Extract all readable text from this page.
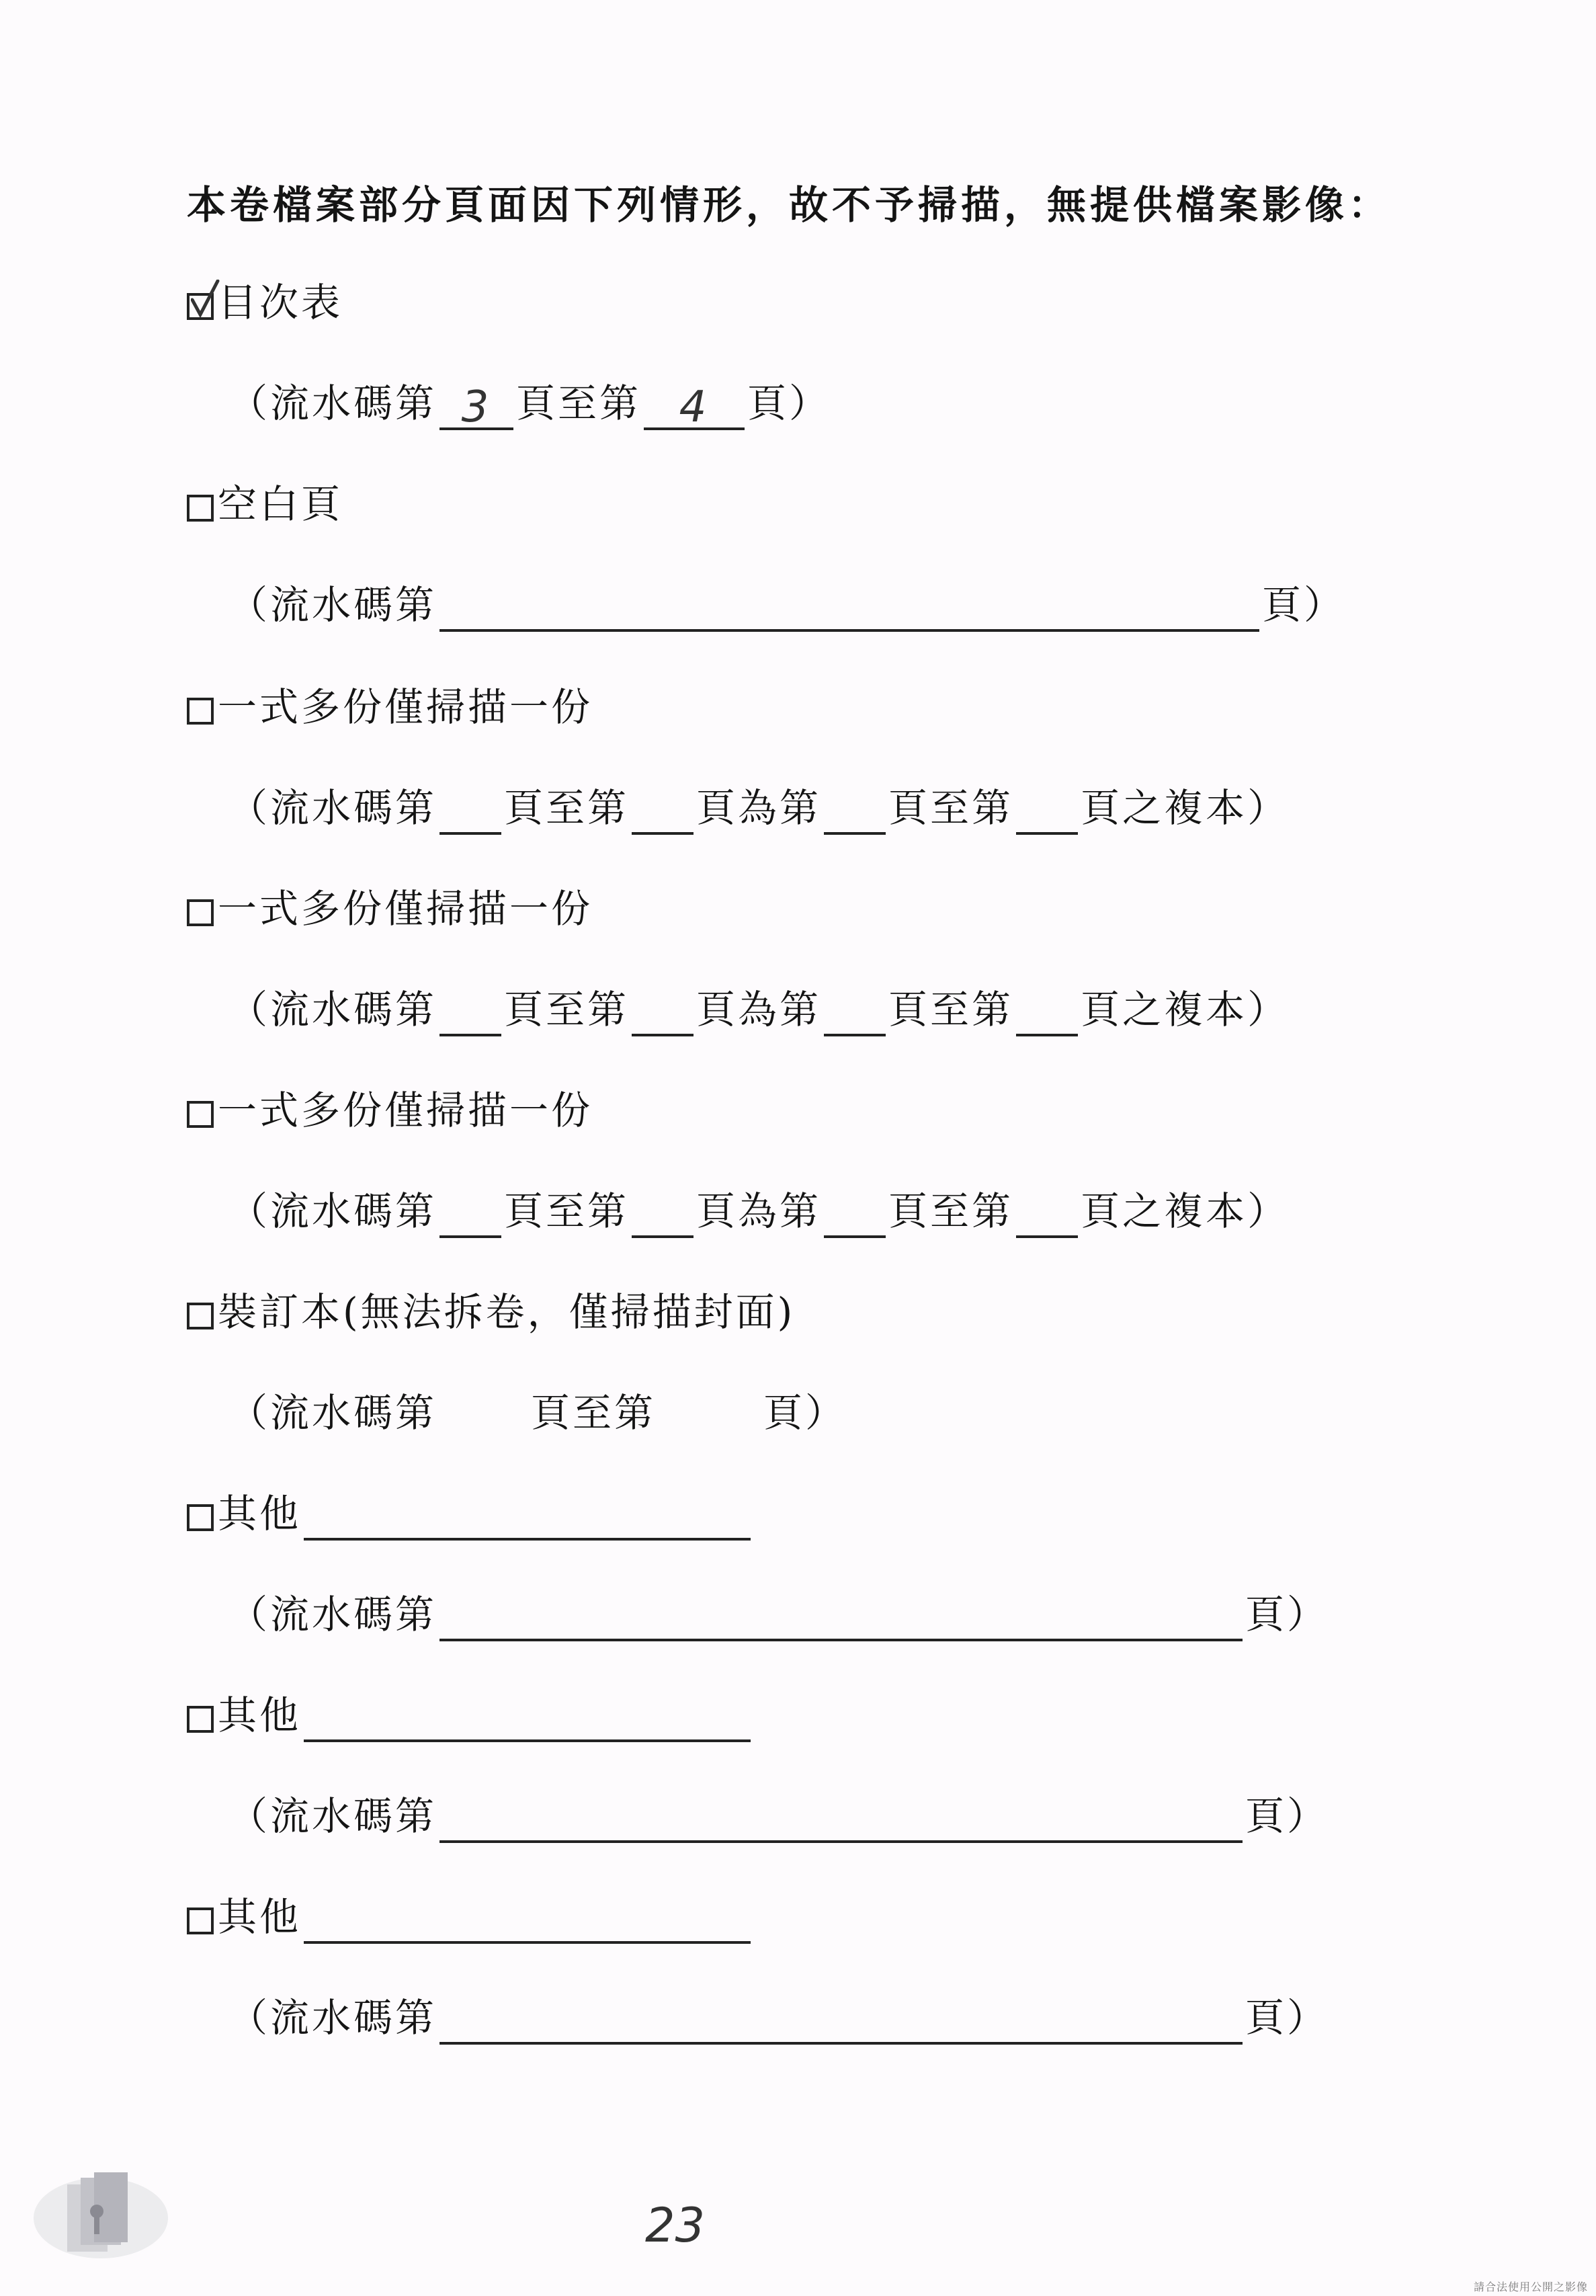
本卷檔案部分頁面因下列情形，故不予掃描，無提供檔案影像：
目次表
（流水碼第 3 頁至第 4 頁）
空白頁
（流水碼第	頁）
一式多份僅掃描一份
（流水碼第 頁至第 頁為第 頁至第 頁之複本）
一式多份僅掃描一份
（流水碼第 頁至第 頁為第 頁至第 頁之複本）
一式多份僅掃描一份
（流水碼第 頁至第 頁為第 頁至第 頁之複本）
裝訂本(無法拆卷，僅掃描封面)
（流水碼第 頁至第	頁）
其他
（流水碼第	頁）
其他
（流水碼第	頁）
其他
（流水碼第	頁）
23
請合法使用公開之影像
